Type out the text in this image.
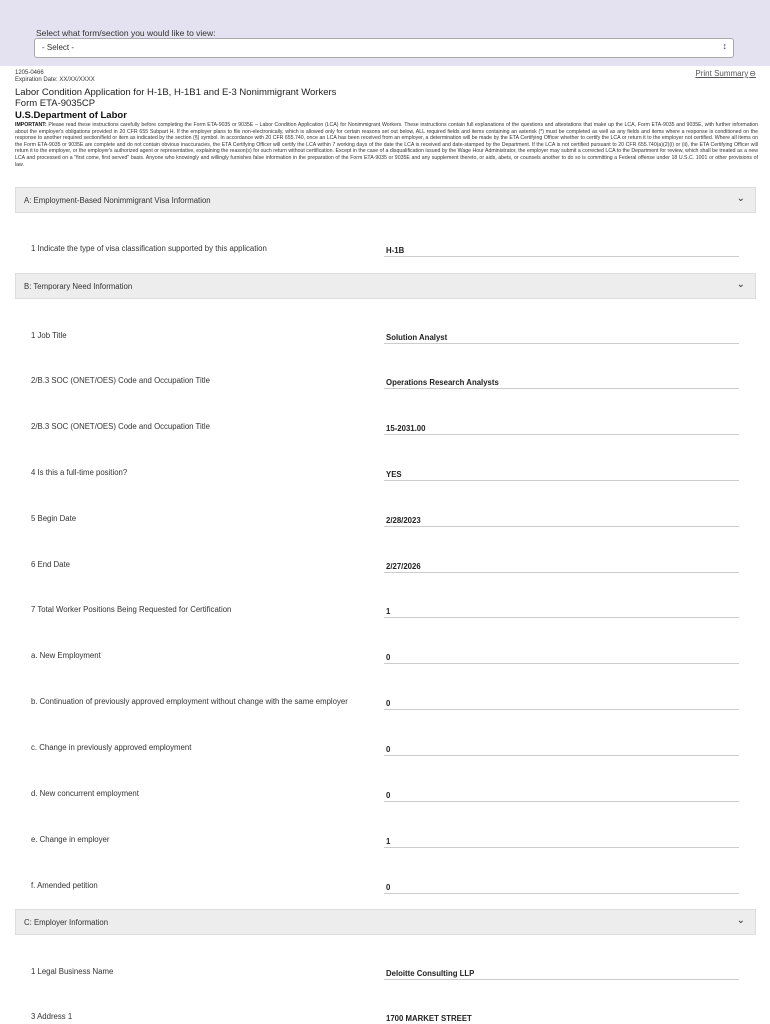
Select what form/section you would like to view:
- Select -	↕
1205-0466
Expiration Date: XX/XX/XXXX
Print Summary⊖
Labor Condition Application for H-1B, H-1B1 and E-3 Nonimmigrant Workers
Form ETA-9035CP
U.S.Department of Labor
IMPORTANT: Please read these instructions carefully before completing the Form ETA-9035 or 9035E – Labor Condition Application (LCA) for Nonimmigrant Workers. These instructions contain full explanations of the questions and attestations that make up the LCA, Form ETA-9035 and 9035E, with further information about the employer's obligations provided in 20 CFR 655 Subpart H. If the employer plans to file non-electronically, which is allowed only for certain reasons set out below, ALL required fields and items containing an asterisk (*) must be completed as well as any fields and items where a response is conditioned on the response to another required section/field or item as indicated by the section (§) symbol. In accordance with 20 CFR 655.740, once an LCA has been received from an employer, a determination will be made by the ETA Certifying Officer whether to certify the LCA or return it to the employer not certified. Where all items on the Form ETA-9035 or 9035E are complete and do not contain obvious inaccuracies, the ETA Certifying Officer will certify the LCA within 7 working days of the date the LCA is received and date-stamped by the Department. If the LCA is not certified pursuant to 20 CFR 655.740(a)(2)(i) or (ii), the ETA Certifying Officer will return it to the employer, or the employer's authorized agent or representative, explaining the reason(s) for such return without certification. Except in the case of a disqualification issued by the Wage Hour Administrator, the employer may submit a corrected LCA to the Department for review, which shall be treated as a new LCA and processed on a "first come, first served" basis. Anyone who knowingly and willingly furnishes false information in the preparation of the Form ETA-9035 or 9035E and any supplement thereto, or aids, abets, or counsels another to do so is committing a Federal offense under 18 U.S.C. 1001 or other provisions of law.
A: Employment-Based Nonimmigrant Visa Information	⌄
1 Indicate the type of visa classification supported by this application	H-1B
B: Temporary Need Information	⌄
1 Job Title	Solution Analyst
2/B.3 SOC (ONET/OES) Code and Occupation Title	Operations Research Analysts
2/B.3 SOC (ONET/OES) Code and Occupation Title	15-2031.00
4 Is this a full-time position?	YES
5 Begin Date	2/28/2023
6 End Date	2/27/2026
7 Total Worker Positions Being Requested for Certification	1
a. New Employment	0
b. Continuation of previously approved employment without change with the same employer	0
c. Change in previously approved employment	0
d. New concurrent employment	0
e. Change in employer	1
f. Amended petition	0
C: Employer Information	⌄
1 Legal Business Name	Deloitte Consulting LLP
3 Address 1	1700 MARKET STREET
